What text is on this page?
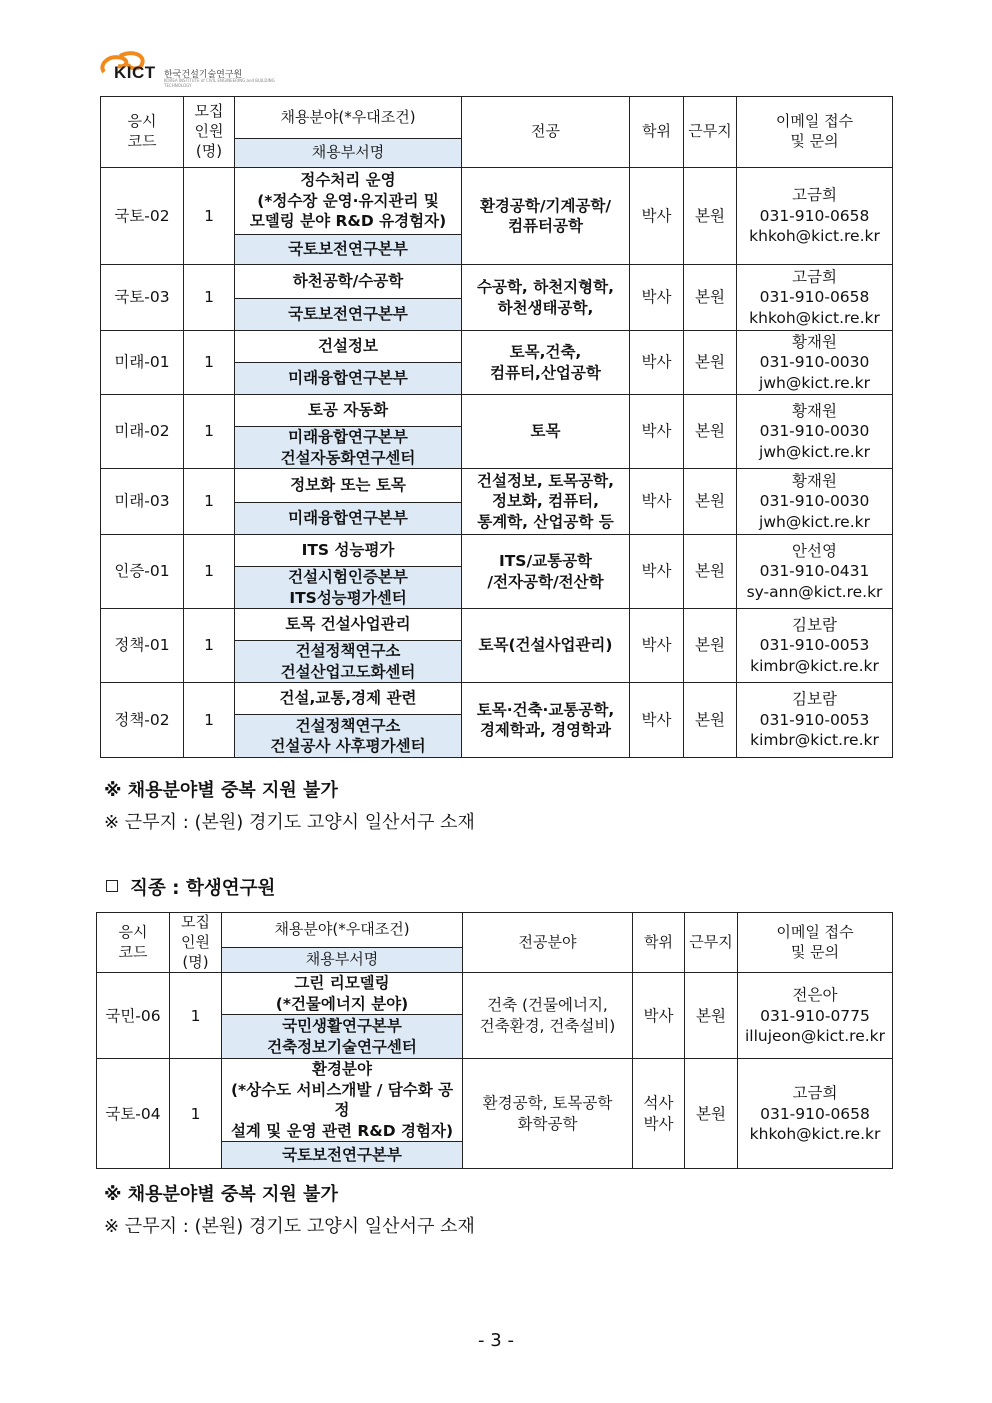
KICT 한국건설기술연구원
KOREA INSTITUTE of CIVIL ENGINEERING and BUILDING TECHNOLOGY
응시
코드	모집
인원
(명)	채용분야(*우대조건)	전공	학위	근무지	이메일 접수
및 문의
		채용부서명				
국토-02	1	정수처리 운영
(*정수장 운영·유지관리 및
모델링 분야 R&D 유경험자)	환경공학/기계공학/
컴퓨터공학	박사	본원	고금희
031-910-0658
khkoh@kict.re.kr
		국토보전연구본부				
국토-03	1	하천공학/수공학	수공학, 하천지형학,
하천생태공학,	박사	본원	고금희
031-910-0658
khkoh@kict.re.kr
		국토보전연구본부				
미래-01	1	건설정보	토목,건축,
컴퓨터,산업공학	박사	본원	황재원
031-910-0030
jwh@kict.re.kr
		미래융합연구본부				
미래-02	1	토공 자동화	토목	박사	본원	황재원
031-910-0030
jwh@kict.re.kr
		미래융합연구본부
건설자동화연구센터				
미래-03	1	정보화 또는 토목	건설정보, 토목공학,
정보화, 컴퓨터,
통계학, 산업공학 등	박사	본원	황재원
031-910-0030
jwh@kict.re.kr
		미래융합연구본부				
인증-01	1	ITS 성능평가	ITS/교통공학
/전자공학/전산학	박사	본원	안선영
031-910-0431
sy-ann@kict.re.kr
		건설시험인증본부
ITS성능평가센터				
정책-01	1	토목 건설사업관리	토목(건설사업관리)	박사	본원	김보람
031-910-0053
kimbr@kict.re.kr
		건설정책연구소
건설산업고도화센터				
정책-02	1	건설,교통,경제 관련	토목·건축·교통공학,
경제학과, 경영학과	박사	본원	김보람
031-910-0053
kimbr@kict.re.kr
		건설정책연구소
건설공사 사후평가센터				
※ 채용분야별 중복 지원 불가
※ 근무지 : (본원) 경기도 고양시 일산서구 소재
직종 : 학생연구원
응시
코드	모집
인원
(명)	채용분야(*우대조건)	전공분야	학위	근무지	이메일 접수
및 문의
		채용부서명				
국민-06	1	그린 리모델링
(*건물에너지 분야)	건축 (건물에너지,
건축환경, 건축설비)	박사	본원	전은아
031-910-0775
illujeon@kict.re.kr
		국민생활연구본부
건축정보기술연구센터				
국토-04	1	환경분야
(*상수도 서비스개발 / 담수화 공정
설계 및 운영 관련 R&D 경험자)	환경공학, 토목공학
화학공학	석사
박사	본원	고금희
031-910-0658
khkoh@kict.re.kr
		국토보전연구본부				
※ 채용분야별 중복 지원 불가
※ 근무지 : (본원) 경기도 고양시 일산서구 소재
- 3 -
